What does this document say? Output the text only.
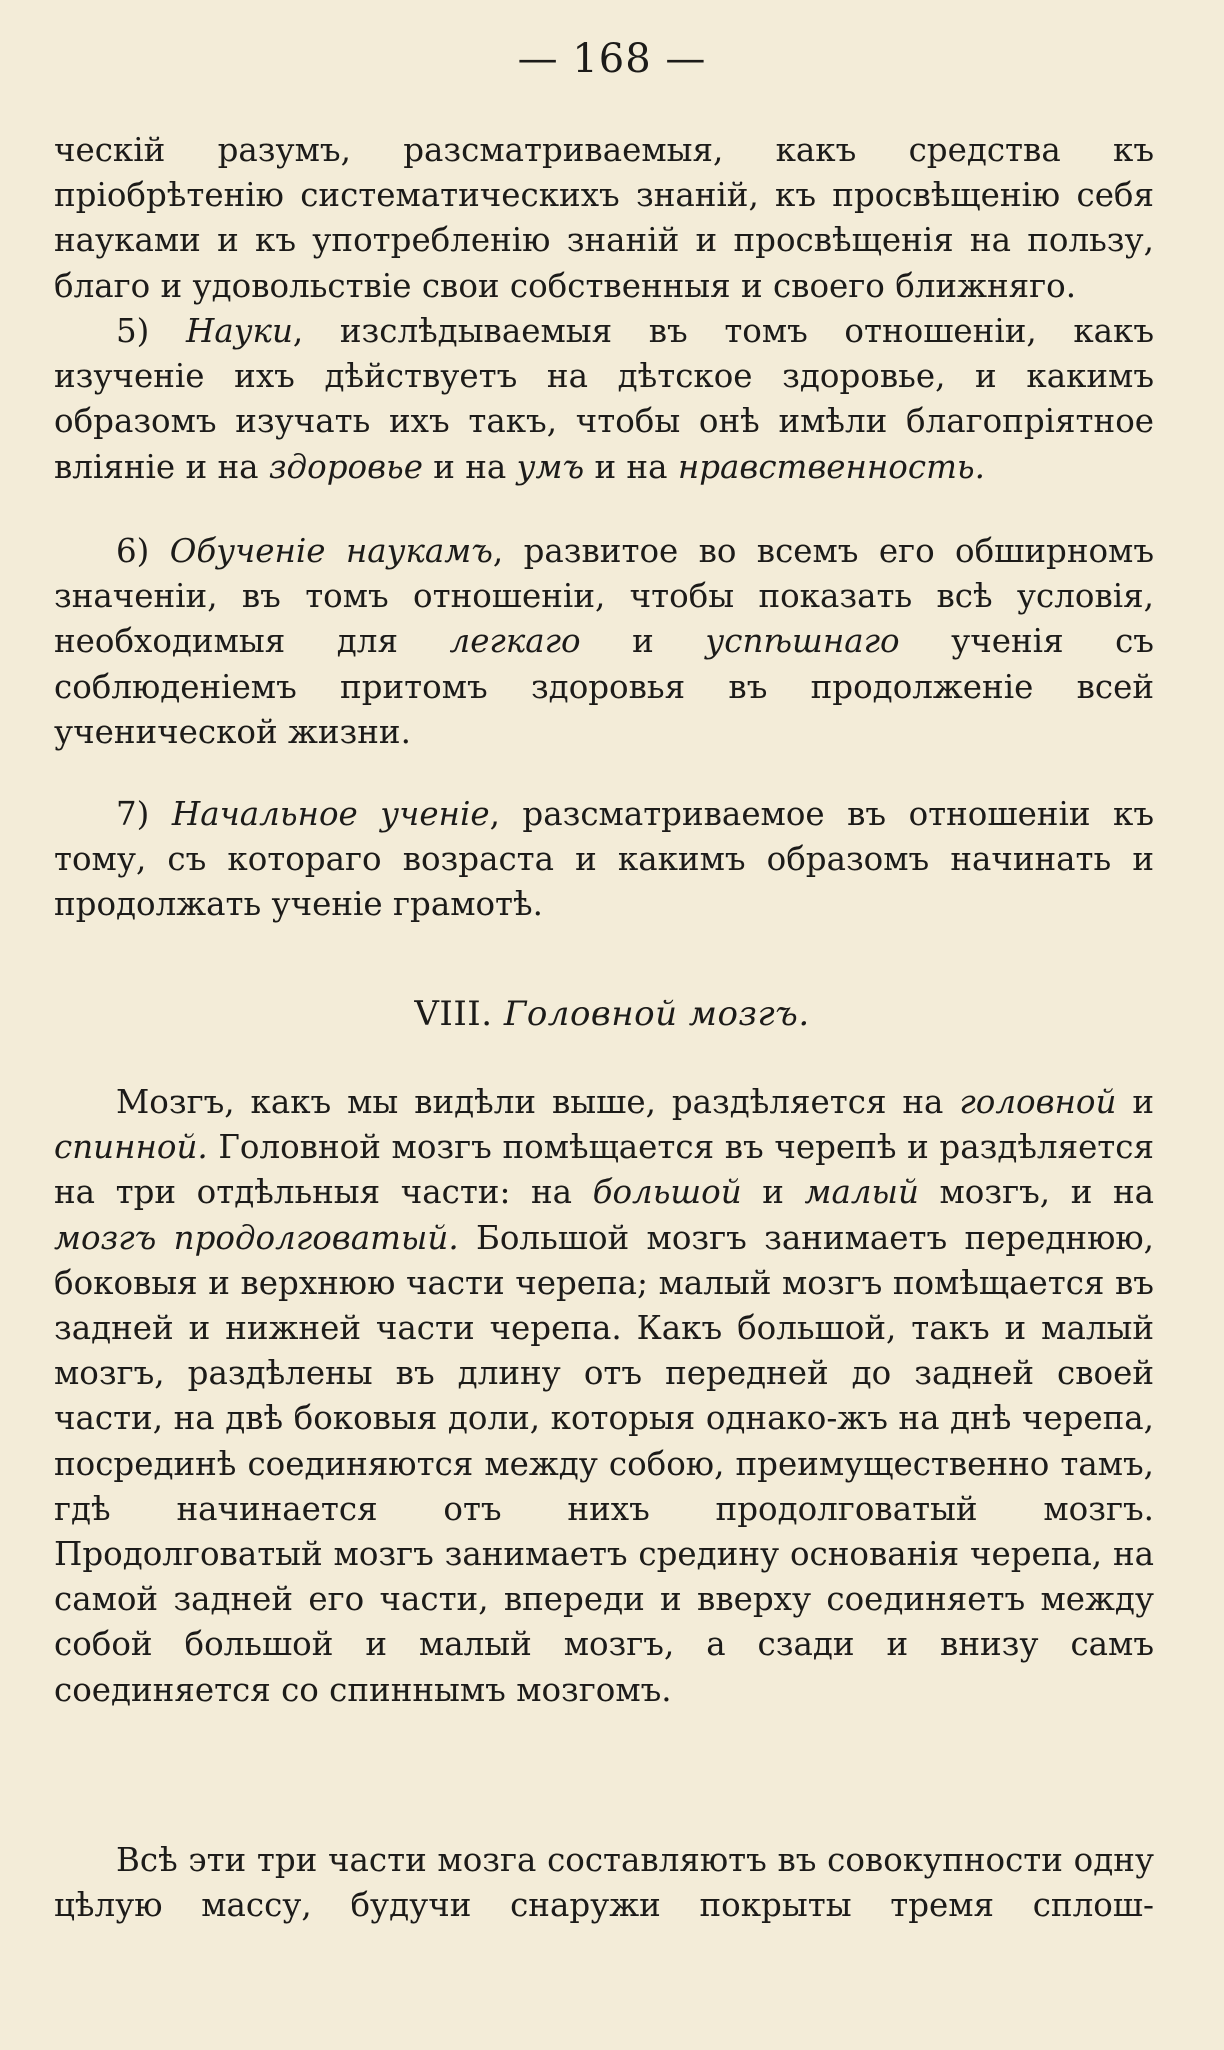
— 168 —

ческій разумъ, разсматриваемыя, какъ средства къ пріобрѣтенію систематическихъ знаній, къ просвѣщенію себя науками и къ употребленію знаній и просвѣщенія на пользу, благо и удовольствіе свои собственныя и своего ближняго.

5) Науки, изслѣдываемыя въ томъ отношеніи, какъ изученіе ихъ дѣйствуетъ на дѣтское здоровье, и какимъ образомъ изучать ихъ такъ, чтобы онѣ имѣли благопріятное вліяніе и на здоровье и на умъ и на нравственность.

6) Обученіе наукамъ, развитое во всемъ его обширномъ значеніи, въ томъ отношеніи, чтобы показать всѣ условія, необходимыя для легкаго и успѣшнаго ученія съ соблюденіемъ притомъ здоровья въ продолженіе всей ученической жизни.

7) Начальное ученіе, разсматриваемое въ отношеніи къ тому, съ котораго возраста и какимъ образомъ начинать и продолжать ученіе грамотѣ.

VIII. Головной мозгъ.

Мозгъ, какъ мы видѣли выше, раздѣляется на головной и спинной. Головной мозгъ помѣщается въ черепѣ и раздѣляется на три отдѣльныя части: на большой и малый мозгъ, и на мозгъ продолговатый. Большой мозгъ занимаетъ переднюю, боковыя и верхнюю части черепа; малый мозгъ помѣщается въ задней и нижней части черепа. Какъ большой, такъ и малый мозгъ, раздѣлены въ длину отъ передней до задней своей части, на двѣ боковыя доли, которыя однако-жъ на днѣ черепа, посрединѣ соединяются между собою, преимущественно тамъ, гдѣ начинается отъ нихъ продолговатый мозгъ. Продолговатый мозгъ занимаетъ средину основанія черепа, на самой задней его части, впереди и вверху соединяетъ между собой большой и малый мозгъ, а сзади и внизу самъ соединяется со спиннымъ мозгомъ.

Всѣ эти три части мозга составляютъ въ совокупности одну цѣлую массу, будучи снаружи покрыты тремя сплош-
